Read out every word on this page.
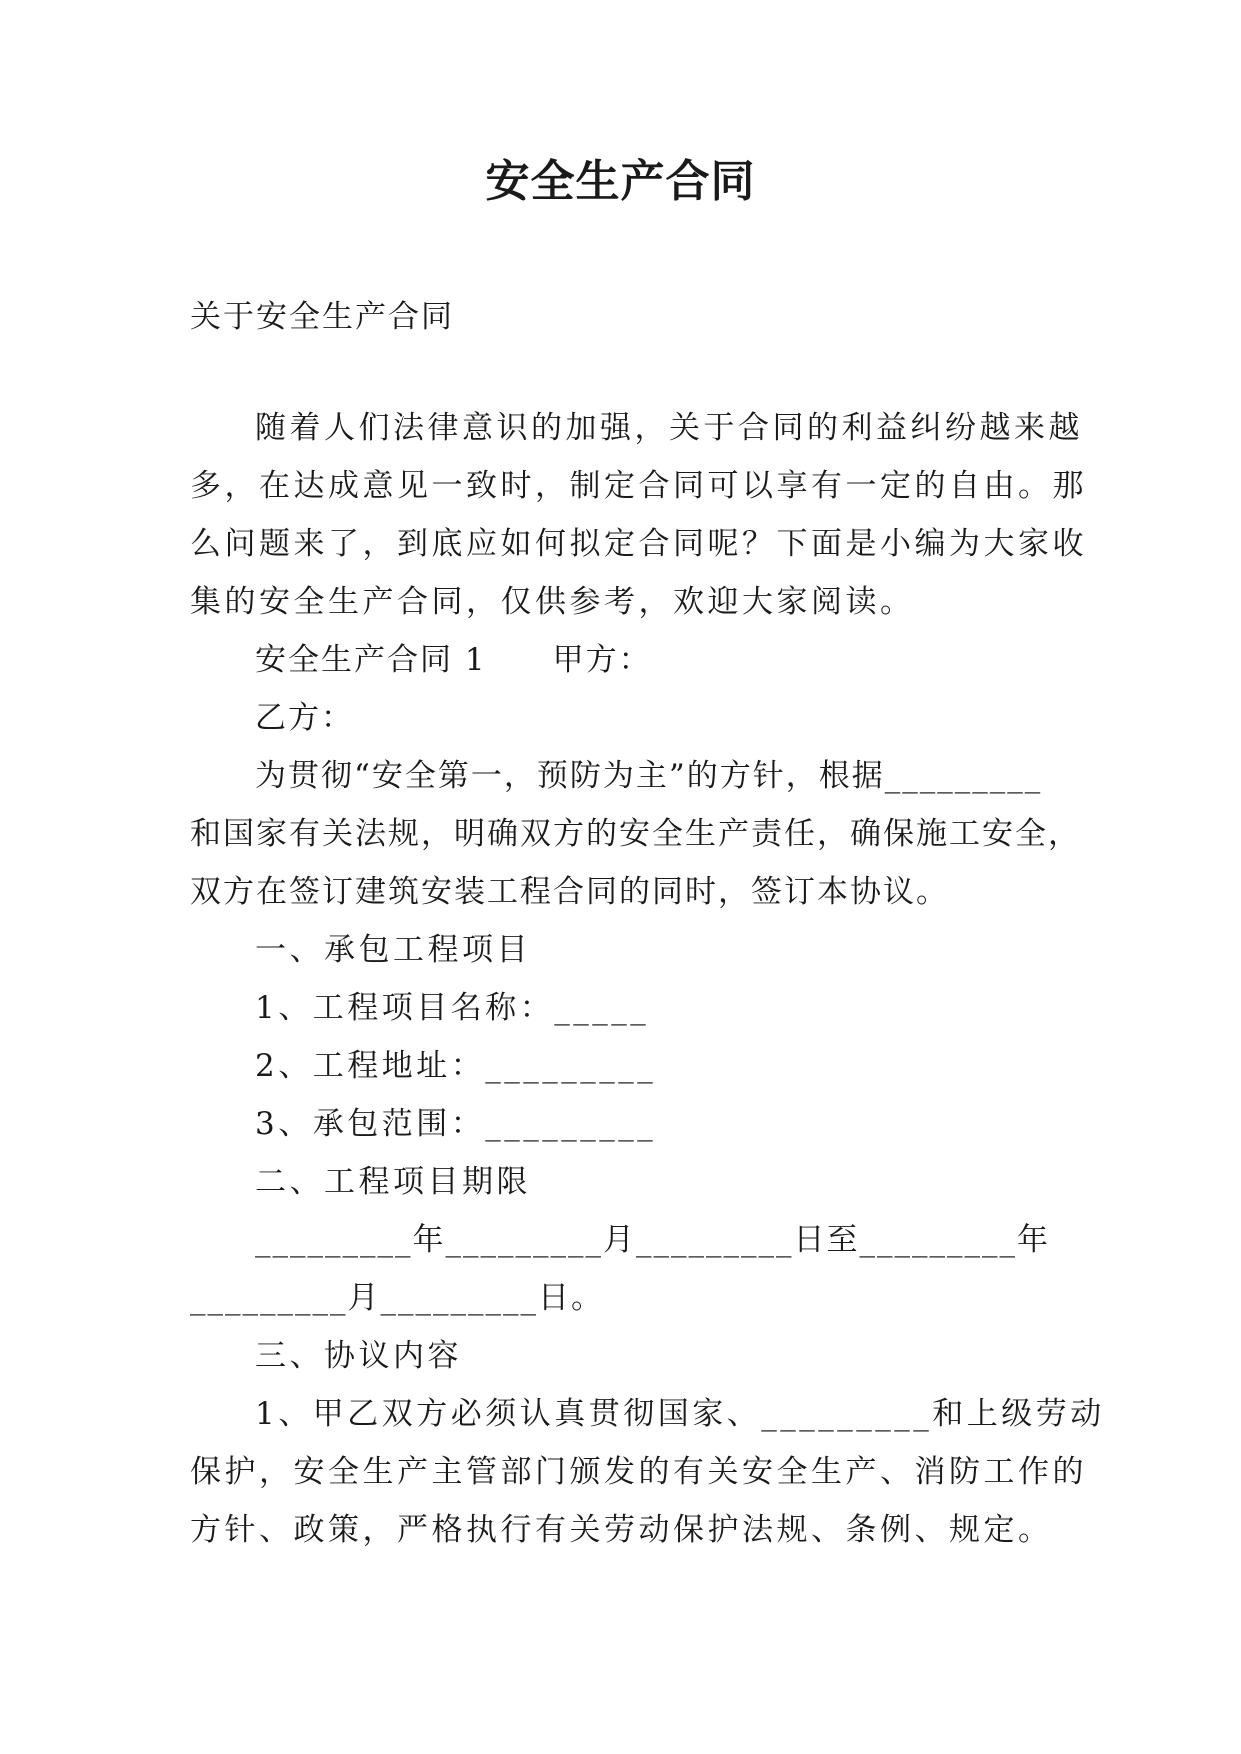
安全生产合同
关于安全生产合同
随着人们法律意识的加强，关于合同的利益纠纷越来越
多，在达成意见一致时，制定合同可以享有一定的自由。那
么问题来了，到底应如何拟定合同呢？下面是小编为大家收
集的安全生产合同，仅供参考，欢迎大家阅读。
安全生产合同 1　　甲方：
乙方：
为贯彻“安全第一，预防为主”的方针，根据_________
和国家有关法规，明确双方的安全生产责任，确保施工安全，
双方在签订建筑安装工程合同的同时，签订本协议。
一、承包工程项目
1、工程项目名称：_____
2、工程地址：_________
3、承包范围：_________
二、工程项目期限
_________年_________月_________日至_________年
_________月_________日。
三、协议内容
1、甲乙双方必须认真贯彻国家、_________和上级劳动
保护，安全生产主管部门颁发的有关安全生产、消防工作的
方针、政策，严格执行有关劳动保护法规、条例、规定。
